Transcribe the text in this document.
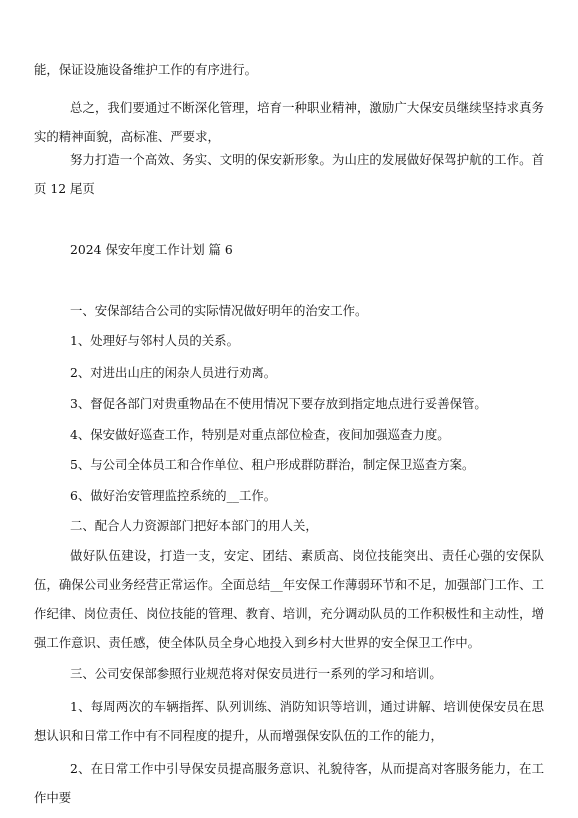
能，保证设施设备维护工作的有序进行。

总之，我们要通过不断深化管理，培育一种职业精神，激励广大保安员继续坚持求真务实的精神面貌，高标准、严要求，

努力打造一个高效、务实、文明的保安新形象。为山庄的发展做好保驾护航的工作。首页 12 尾页

2024 保安年度工作计划 篇 6

一、安保部结合公司的实际情况做好明年的治安工作。

1、处理好与邻村人员的关系。

2、对进出山庄的闲杂人员进行劝离。

3、督促各部门对贵重物品在不使用情况下要存放到指定地点进行妥善保管。

4、保安做好巡查工作，特别是对重点部位检查，夜间加强巡查力度。

5、与公司全体员工和合作单位、租户形成群防群治，制定保卫巡查方案。

6、做好治安管理监控系统的__工作。

二、配合人力资源部门把好本部门的用人关，

做好队伍建设，打造一支，安定、团结、素质高、岗位技能突出、责任心强的安保队伍，确保公司业务经营正常运作。全面总结__年安保工作薄弱环节和不足，加强部门工作、工作纪律、岗位责任、岗位技能的管理、教育、培训，充分调动队员的工作积极性和主动性，增强工作意识、责任感，使全体队员全身心地投入到乡村大世界的安全保卫工作中。

三、公司安保部参照行业规范将对保安员进行一系列的学习和培训。

1、每周两次的车辆指挥、队列训练、消防知识等培训，通过讲解、培训使保安员在思想认识和日常工作中有不同程度的提升，从而增强保安队伍的工作的能力，

2、在日常工作中引导保安员提高服务意识、礼貌待客，从而提高对客服务能力，在工作中要
